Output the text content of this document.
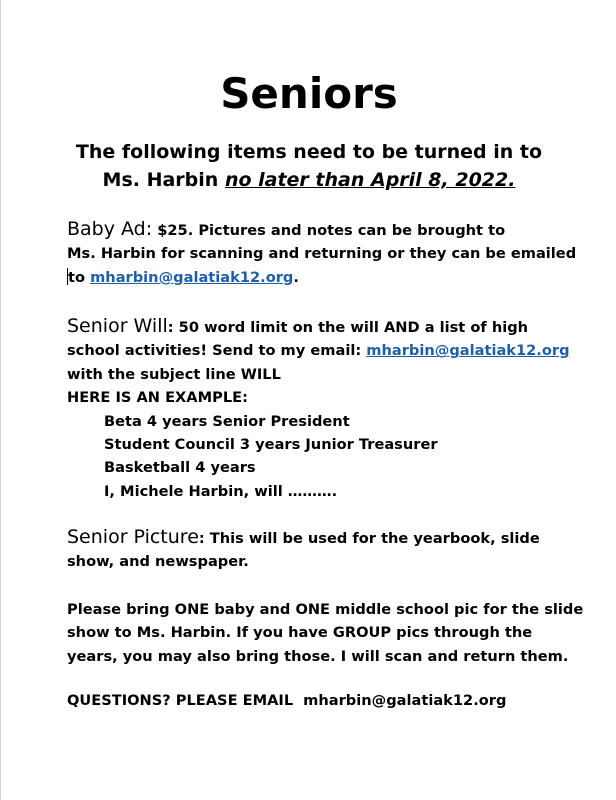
Seniors
The following items need to be turned in to
Ms. Harbin no later than April 8, 2022.
Baby Ad: $25. Pictures and notes can be brought to
Ms. Harbin for scanning and returning or they can be emailed
to mharbin@galatiak12.org.
Senior Will: 50 word limit on the will AND a list of high
school activities! Send to my email: mharbin@galatiak12.org
with the subject line WILL
HERE IS AN EXAMPLE:
Beta 4 years Senior President
Student Council 3 years Junior Treasurer
Basketball 4 years
I, Michele Harbin, will ……….
Senior Picture: This will be used for the yearbook, slide
show, and newspaper.
Please bring ONE baby and ONE middle school pic for the slide
show to Ms. Harbin. If you have GROUP pics through the
years, you may also bring those. I will scan and return them.
QUESTIONS? PLEASE EMAIL mharbin@galatiak12.org
